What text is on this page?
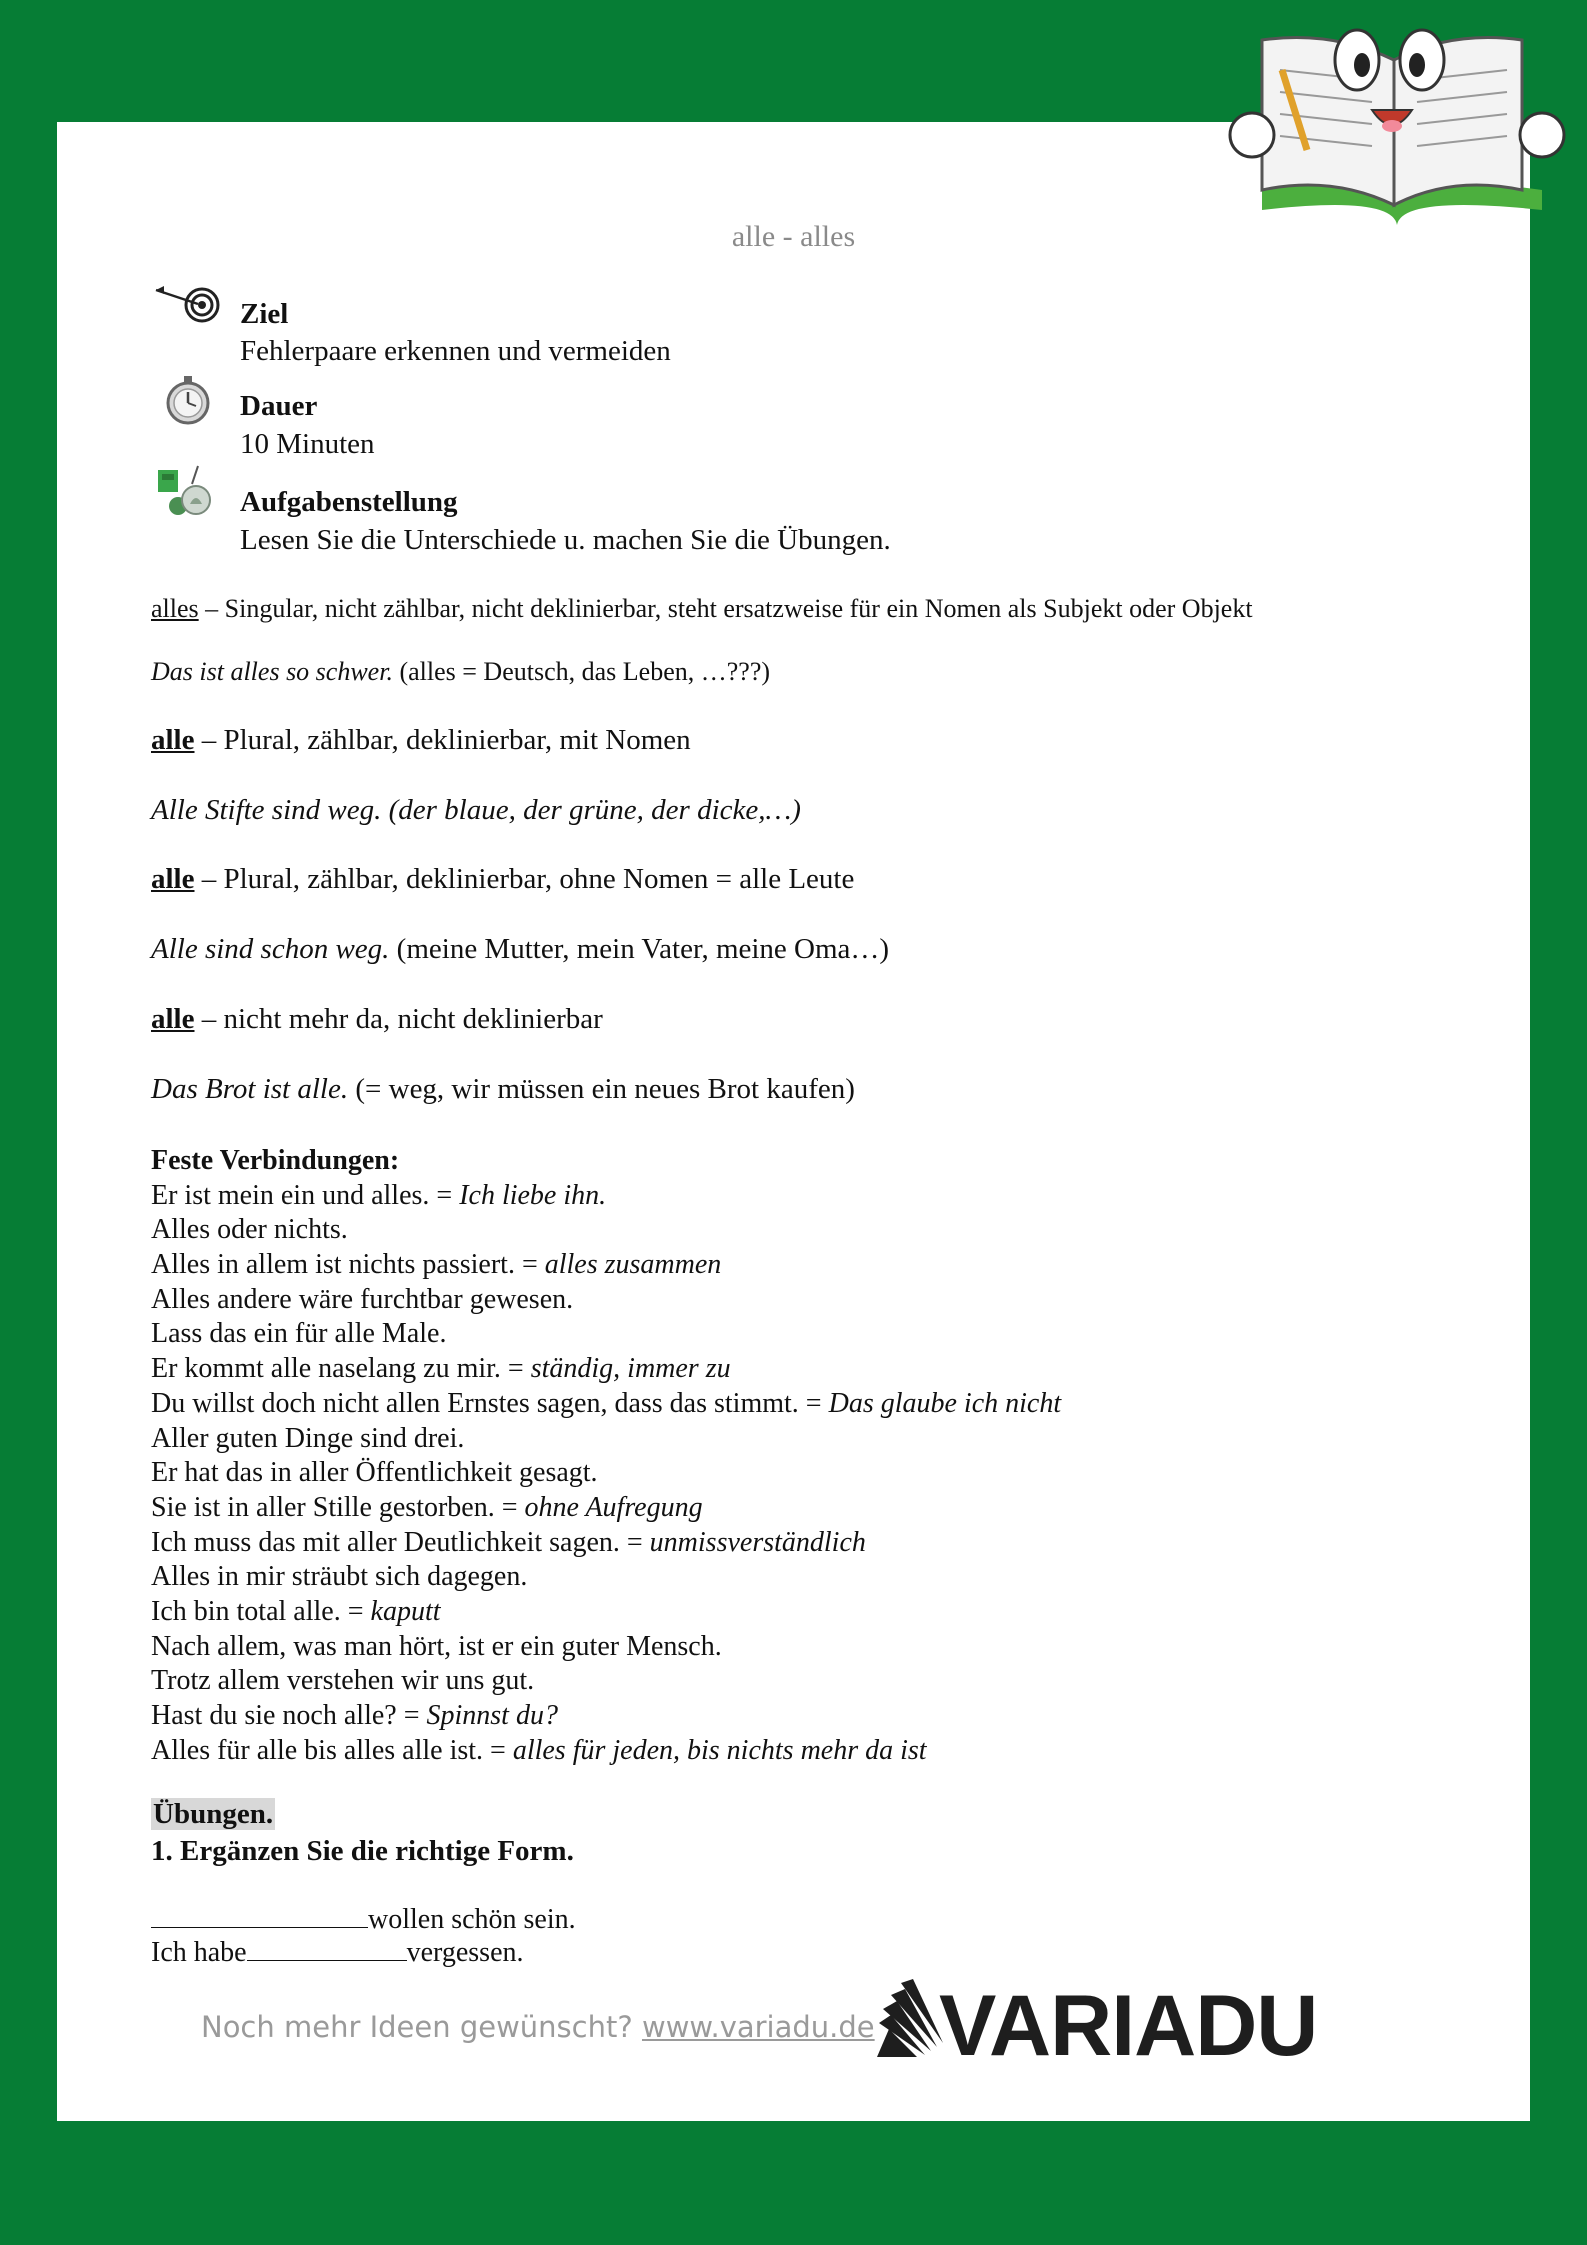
alle - alles
Ziel
Fehlerpaare erkennen und vermeiden
Dauer
10 Minuten
Aufgabenstellung
Lesen Sie die Unterschiede u. machen Sie die Übungen.
alles – Singular, nicht zählbar, nicht deklinierbar, steht ersatzweise für ein Nomen als Subjekt oder Objekt
Das ist alles so schwer. (alles = Deutsch, das Leben, …???)
alle – Plural, zählbar, deklinierbar, mit Nomen
Alle Stifte sind weg. (der blaue, der grüne, der dicke,…)
alle – Plural, zählbar, deklinierbar, ohne Nomen = alle Leute
Alle sind schon weg. (meine Mutter, mein Vater, meine Oma…)
alle – nicht mehr da, nicht deklinierbar
Das Brot ist alle. (= weg, wir müssen ein neues Brot kaufen)
Feste Verbindungen:
Er ist mein ein und alles. = Ich liebe ihn.
Alles oder nichts.
Alles in allem ist nichts passiert. = alles zusammen
Alles andere wäre furchtbar gewesen.
Lass das ein für alle Male.
Er kommt alle naselang zu mir. = ständig, immer zu
Du willst doch nicht allen Ernstes sagen, dass das stimmt. = Das glaube ich nicht
Aller guten Dinge sind drei.
Er hat das in aller Öffentlichkeit gesagt.
Sie ist in aller Stille gestorben. = ohne Aufregung
Ich muss das mit aller Deutlichkeit sagen. = unmissverständlich
Alles in mir sträubt sich dagegen.
Ich bin total alle. = kaputt
Nach allem, was man hört, ist er ein guter Mensch.
Trotz allem verstehen wir uns gut.
Hast du sie noch alle? = Spinnst du?
Alles für alle bis alles alle ist. = alles für jeden, bis nichts mehr da ist
Übungen.
1. Ergänzen Sie die richtige Form.
wollen schön sein.
Ich habe	vergessen.
Noch mehr Ideen gewünscht? www.variadu.de VARIADU
